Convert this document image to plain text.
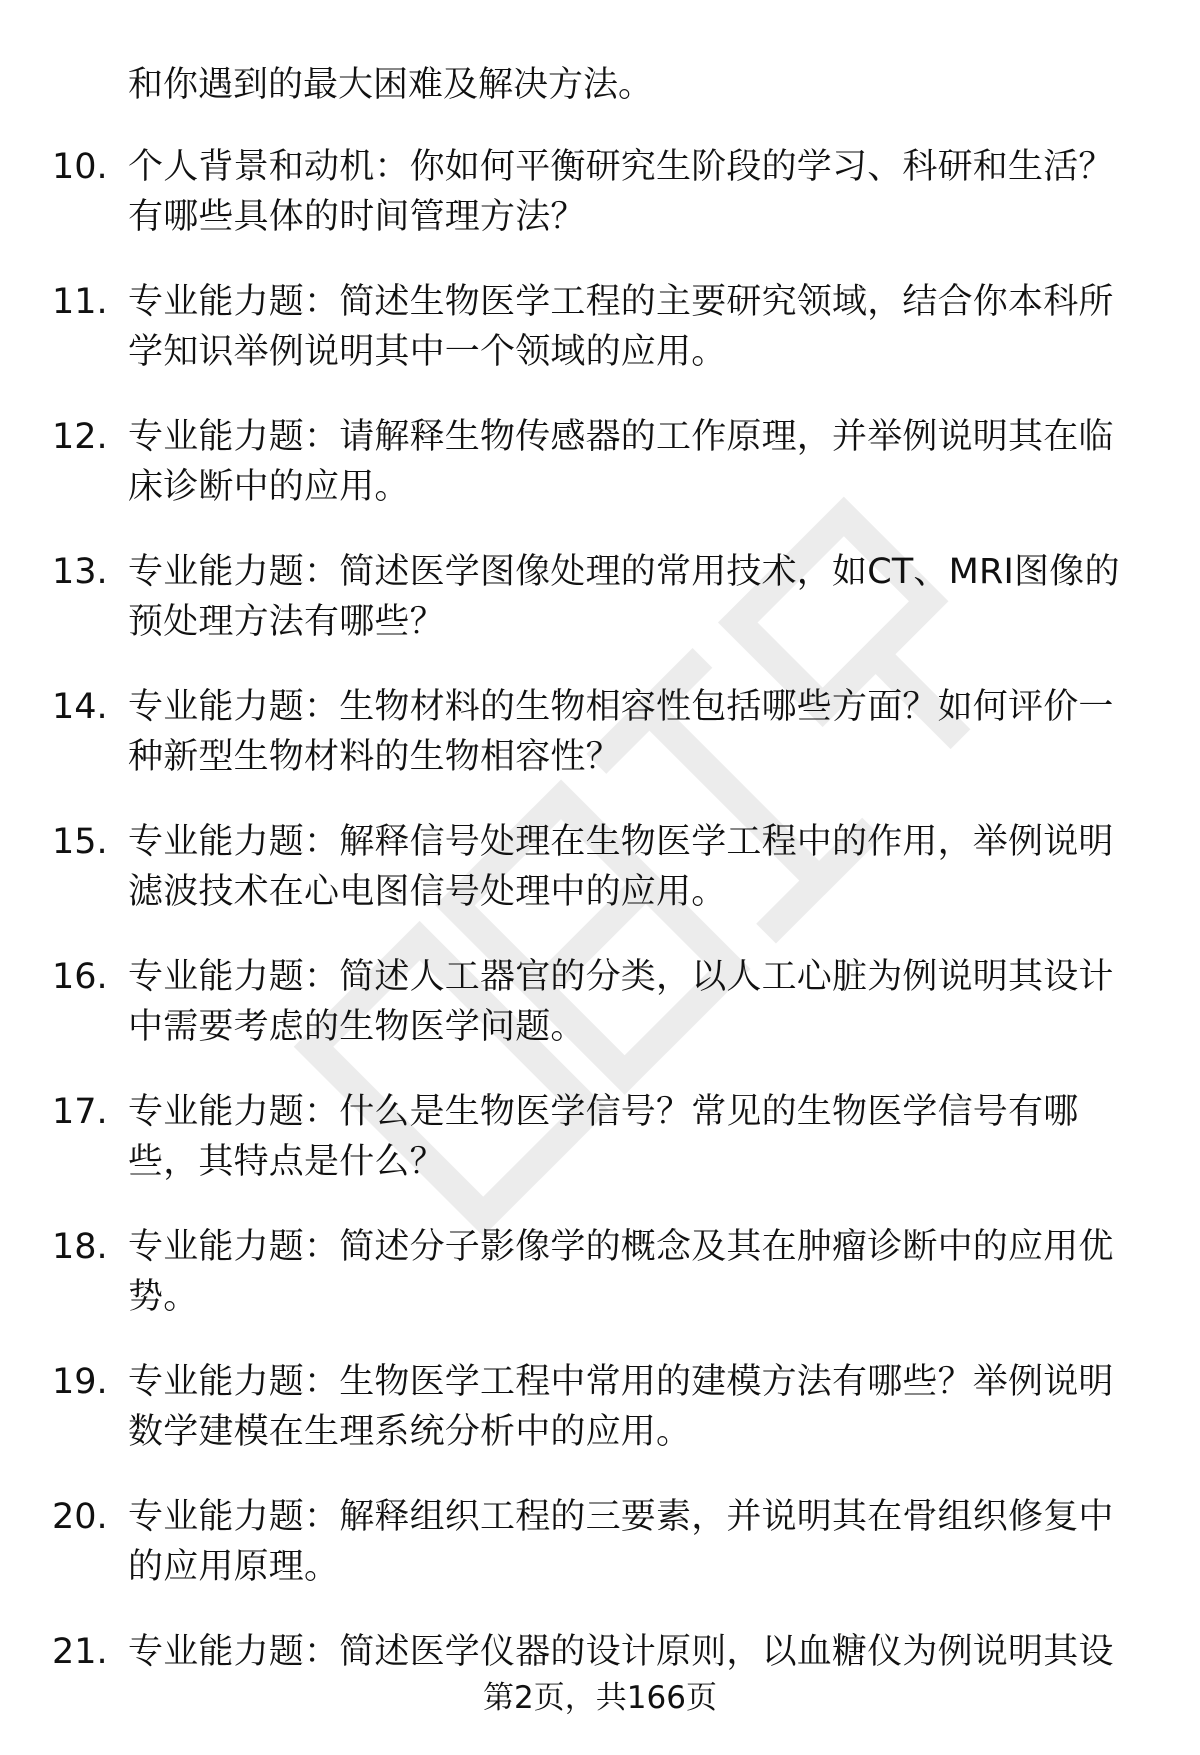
和你遇到的最大困难及解决方法。
10. 个人背景和动机：你如何平衡研究生阶段的学习、科研和生活？
有哪些具体的时间管理方法？
11. 专业能力题：简述生物医学工程的主要研究领域，结合你本科所
学知识举例说明其中一个领域的应用。
12. 专业能力题：请解释生物传感器的工作原理，并举例说明其在临
床诊断中的应用。
13. 专业能力题：简述医学图像处理的常用技术，如CT、MRI图像的
预处理方法有哪些？
14. 专业能力题：生物材料的生物相容性包括哪些方面？如何评价一
种新型生物材料的生物相容性？
15. 专业能力题：解释信号处理在生物医学工程中的作用，举例说明
滤波技术在心电图信号处理中的应用。
16. 专业能力题：简述人工器官的分类，以人工心脏为例说明其设计
中需要考虑的生物医学问题。
17. 专业能力题：什么是生物医学信号？常见的生物医学信号有哪
些，其特点是什么？
18. 专业能力题：简述分子影像学的概念及其在肿瘤诊断中的应用优
势。
19. 专业能力题：生物医学工程中常用的建模方法有哪些？举例说明
数学建模在生理系统分析中的应用。
20. 专业能力题：解释组织工程的三要素，并说明其在骨组织修复中
的应用原理。
21. 专业能力题：简述医学仪器的设计原则，以血糖仪为例说明其设
第2页，共166页
